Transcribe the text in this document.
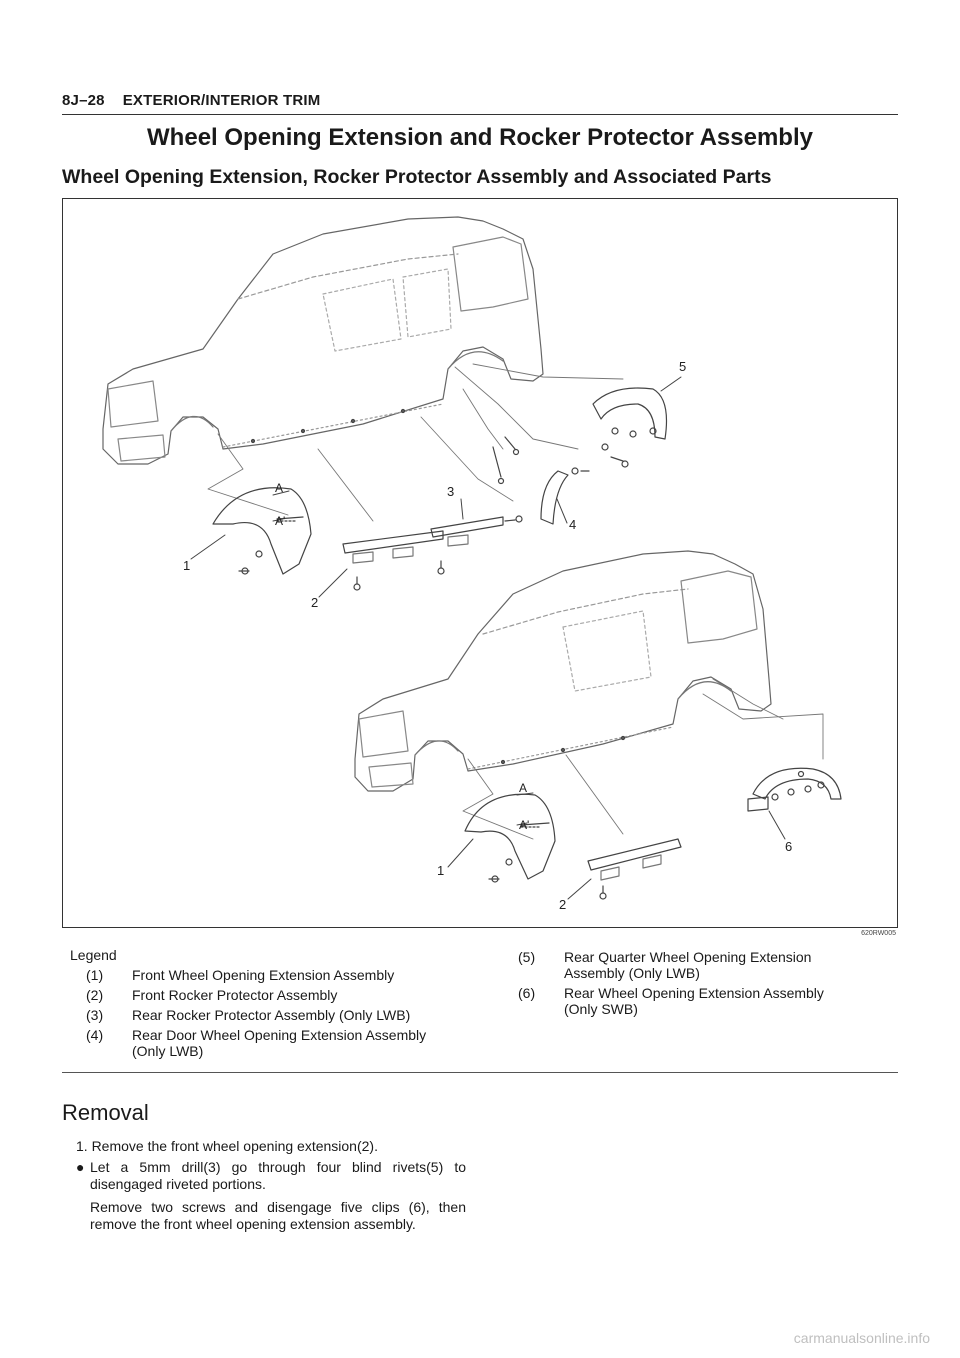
8J–28 EXTERIOR/INTERIOR TRIM
Wheel Opening Extension and Rocker Protector Assembly
Wheel Opening Extension, Rocker Protector Assembly and Associated Parts
1
2
3
4
5
1
2
6
A
A'
A
A'
620RW005
Legend
(1) Front Wheel Opening Extension Assembly
(2) Front Rocker Protector Assembly
(3) Rear Rocker Protector Assembly (Only LWB)
(4) Rear Door Wheel Opening Extension Assembly (Only LWB)
(5) Rear Quarter Wheel Opening Extension Assembly (Only LWB)
(6) Rear Wheel Opening Extension Assembly (Only SWB)
Removal
1. Remove the front wheel opening extension(2).
● Let a 5mm drill(3) go through four blind rivets(5) to disengaged riveted portions.
Remove two screws and disengage five clips (6), then remove the front wheel opening extension assembly.
carmanualsonline.info
